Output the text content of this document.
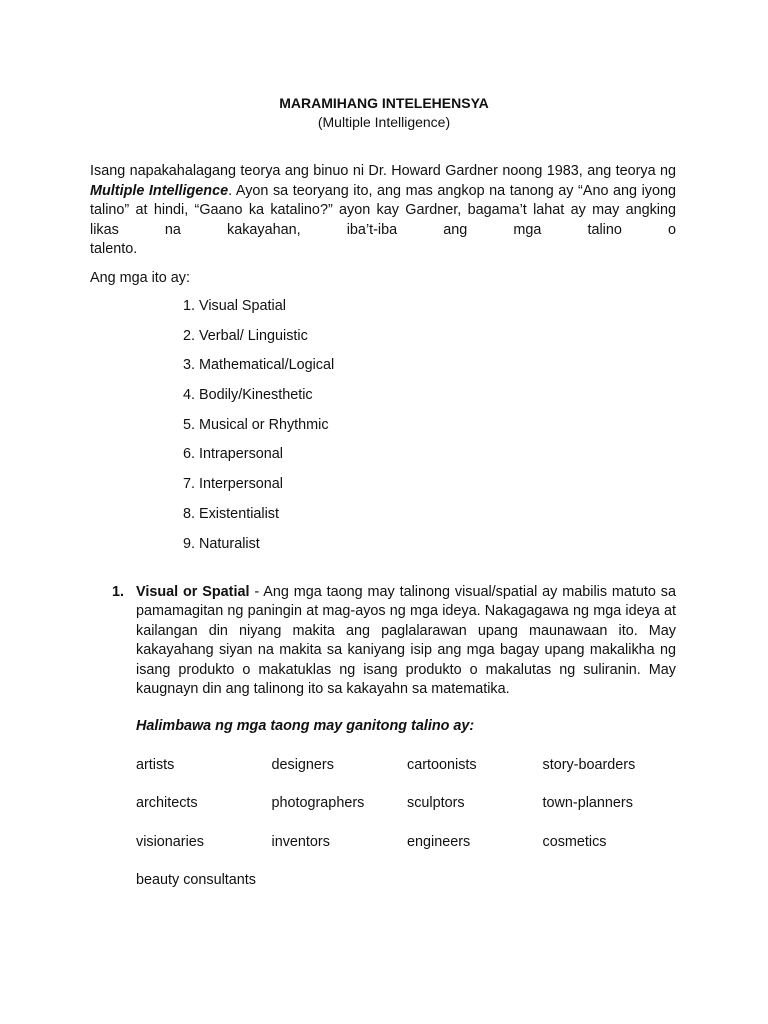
MARAMIHANG INTELEHENSYA
(Multiple Intelligence)

Isang napakahalagang teorya ang binuo ni Dr. Howard Gardner noong 1983, ang teorya ng Multiple Intelligence. Ayon sa teoryang ito, ang mas angkop na tanong ay “Ano ang iyong talino” at hindi, “Gaano ka katalino?” ayon kay Gardner, bagama’t lahat ay may angking likas na kakayahan, iba’t-iba ang mga talino o

talento.
Ang mga ito ay:
1. Visual Spatial
2. Verbal/ Linguistic
3. Mathematical/Logical
4. Bodily/Kinesthetic
5. Musical or Rhythmic
6. Intrapersonal
7. Interpersonal
8. Existentialist
9. Naturalist
1. Visual or Spatial - Ang mga taong may talinong visual/spatial ay mabilis matuto sa pamamagitan ng paningin at mag-ayos ng mga ideya. Nakagagawa ng mga ideya at kailangan din niyang makita ang paglalarawan upang maunawaan ito. May kakayahang siyan na makita sa kaniyang isip ang mga bagay upang makalikha ng isang produkto o makatuklas ng isang produkto o makalutas ng suliranin. May kaugnayn din ang talinong ito sa kakayahn sa matematika.

Halimbawa ng mga taong may ganitong talino ay:
artists	designers	cartoonists	story-boarders
architects	photographers	sculptors	town-planners
visionaries	inventors	engineers	cosmetics
beauty consultants
